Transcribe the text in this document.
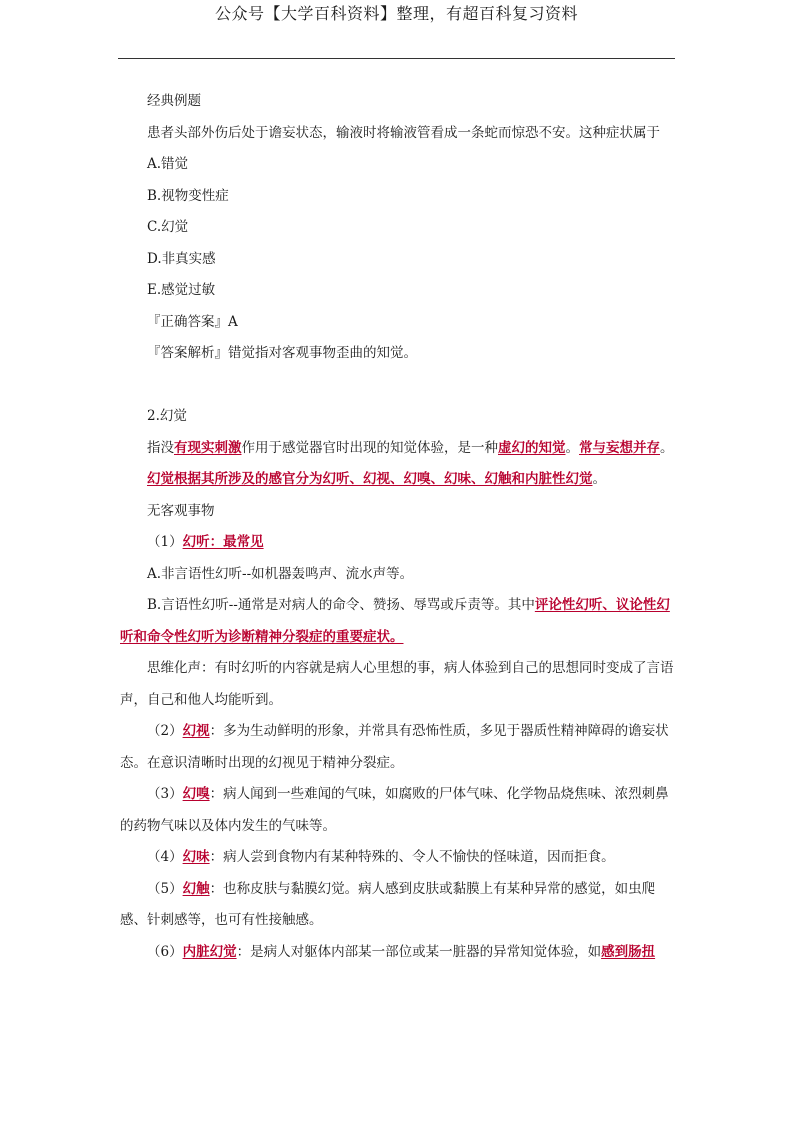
公众号【大学百科资料】整理，有超百科复习资料

经典例题

患者头部外伤后处于谵妄状态，输液时将输液管看成一条蛇而惊恐不安。这种症状属于

A.错觉

B.视物变性症

C.幻觉

D.非真实感

E.感觉过敏

『正确答案』A

『答案解析』错觉指对客观事物歪曲的知觉。

2.幻觉

指没有现实刺激作用于感觉器官时出现的知觉体验，是一种虚幻的知觉。常与妄想并存。

幻觉根据其所涉及的感官分为幻听、幻视、幻嗅、幻味、幻触和内脏性幻觉。

无客观事物

（1）幻听：最常见

A.非言语性幻听--如机器轰鸣声、流水声等。

B.言语性幻听--通常是对病人的命令、赞扬、辱骂或斥责等。其中评论性幻听、议论性幻听和命令性幻听为诊断精神分裂症的重要症状。

思维化声：有时幻听的内容就是病人心里想的事，病人体验到自己的思想同时变成了言语声，自己和他人均能听到。

（2）幻视：多为生动鲜明的形象，并常具有恐怖性质，多见于器质性精神障碍的谵妄状态。在意识清晰时出现的幻视见于精神分裂症。

（3）幻嗅：病人闻到一些难闻的气味，如腐败的尸体气味、化学物品烧焦味、浓烈刺鼻的药物气味以及体内发生的气味等。

（4）幻味：病人尝到食物内有某种特殊的、令人不愉快的怪味道，因而拒食。

（5）幻触：也称皮肤与黏膜幻觉。病人感到皮肤或黏膜上有某种异常的感觉，如虫爬感、针刺感等，也可有性接触感。

（6）内脏幻觉：是病人对躯体内部某一部位或某一脏器的异常知觉体验，如感到肠扭
